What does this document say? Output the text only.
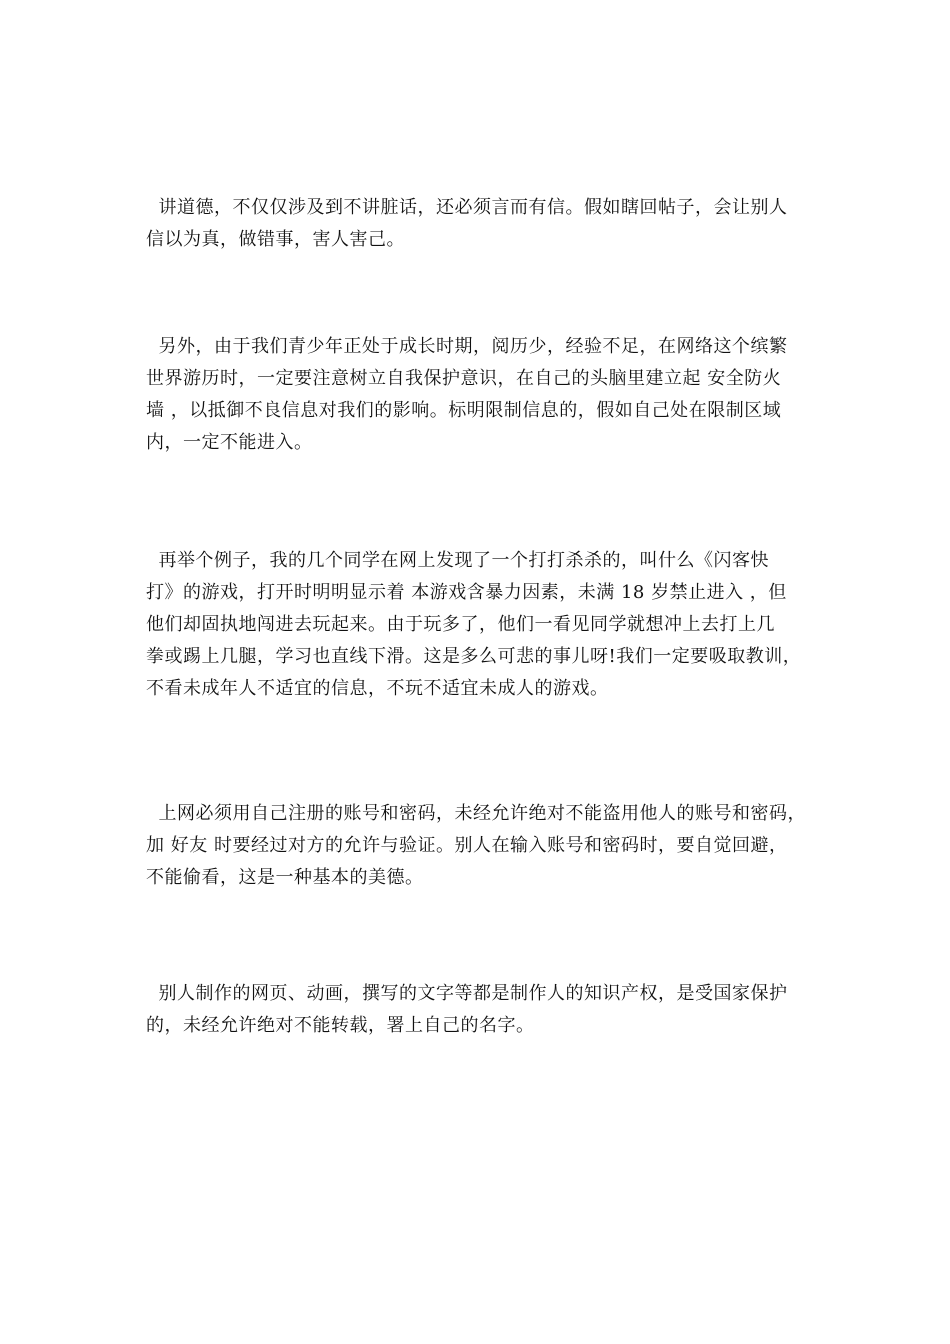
讲道德，不仅仅涉及到不讲脏话，还必须言而有信。假如瞎回帖子，会让别人
信以为真，做错事，害人害己。

另外，由于我们青少年正处于成长时期，阅历少，经验不足，在网络这个缤繁
世界游历时，一定要注意树立自我保护意识，在自己的头脑里建立起 安全防火
墙 ，以抵御不良信息对我们的影响。标明限制信息的，假如自己处在限制区域
内，一定不能进入。

再举个例子，我的几个同学在网上发现了一个打打杀杀的，叫什么《闪客快
打》的游戏，打开时明明显示着 本游戏含暴力因素，未满 18 岁禁止进入 ，但
他们却固执地闯进去玩起来。由于玩多了，他们一看见同学就想冲上去打上几
拳或踢上几腿，学习也直线下滑。这是多么可悲的事儿呀!我们一定要吸取教训，
不看未成年人不适宜的信息，不玩不适宜未成人的游戏。

上网必须用自己注册的账号和密码，未经允许绝对不能盗用他人的账号和密码，
加 好友 时要经过对方的允许与验证。别人在输入账号和密码时，要自觉回避，
不能偷看，这是一种基本的美德。

别人制作的网页、动画，撰写的文字等都是制作人的知识产权，是受国家保护
的，未经允许绝对不能转载，署上自己的名字。
